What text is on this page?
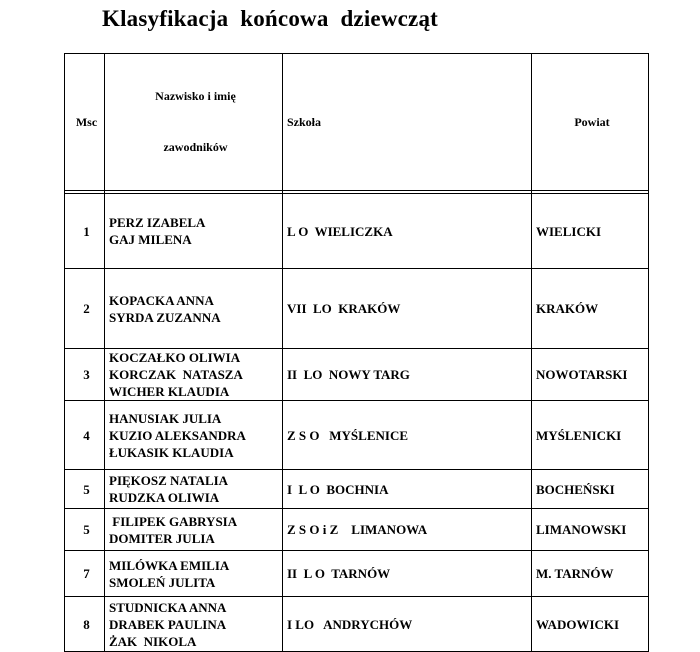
Klasyfikacja  końcowa  dziewcząt
Msc	Nazwisko i imię

zawodników	Szkoła	Powiat

1	PERZ IZABELA
GAJ MILENA	L O  WIELICZKA	WIELICKI
2	KOPACKA ANNA
SYRDA ZUZANNA	VII  LO  KRAKÓW	KRAKÓW
3	KOCZAŁKO OLIWIA
KORCZAK  NATASZA
WICHER KLAUDIA	II  LO  NOWY TARG	NOWOTARSKI
4	HANUSIAK JULIA
KUZIO ALEKSANDRA
ŁUKASIK KLAUDIA	Z S O   MYŚLENICE	MYŚLENICKI
5	PIĘKOSZ NATALIA
RUDZKA OLIWIA	I  L O  BOCHNIA	BOCHEŃSKI
5	FILIPEK GABRYSIA
DOMITER JULIA	Z S O i Z    LIMANOWA	LIMANOWSKI
7	MILÓWKA EMILIA
SMOLEŃ JULITA	II  L O  TARNÓW	M. TARNÓW
8	STUDNICKA ANNA
DRABEK PAULINA
ŻAK  NIKOLA	I LO   ANDRYCHÓW	WADOWICKI
